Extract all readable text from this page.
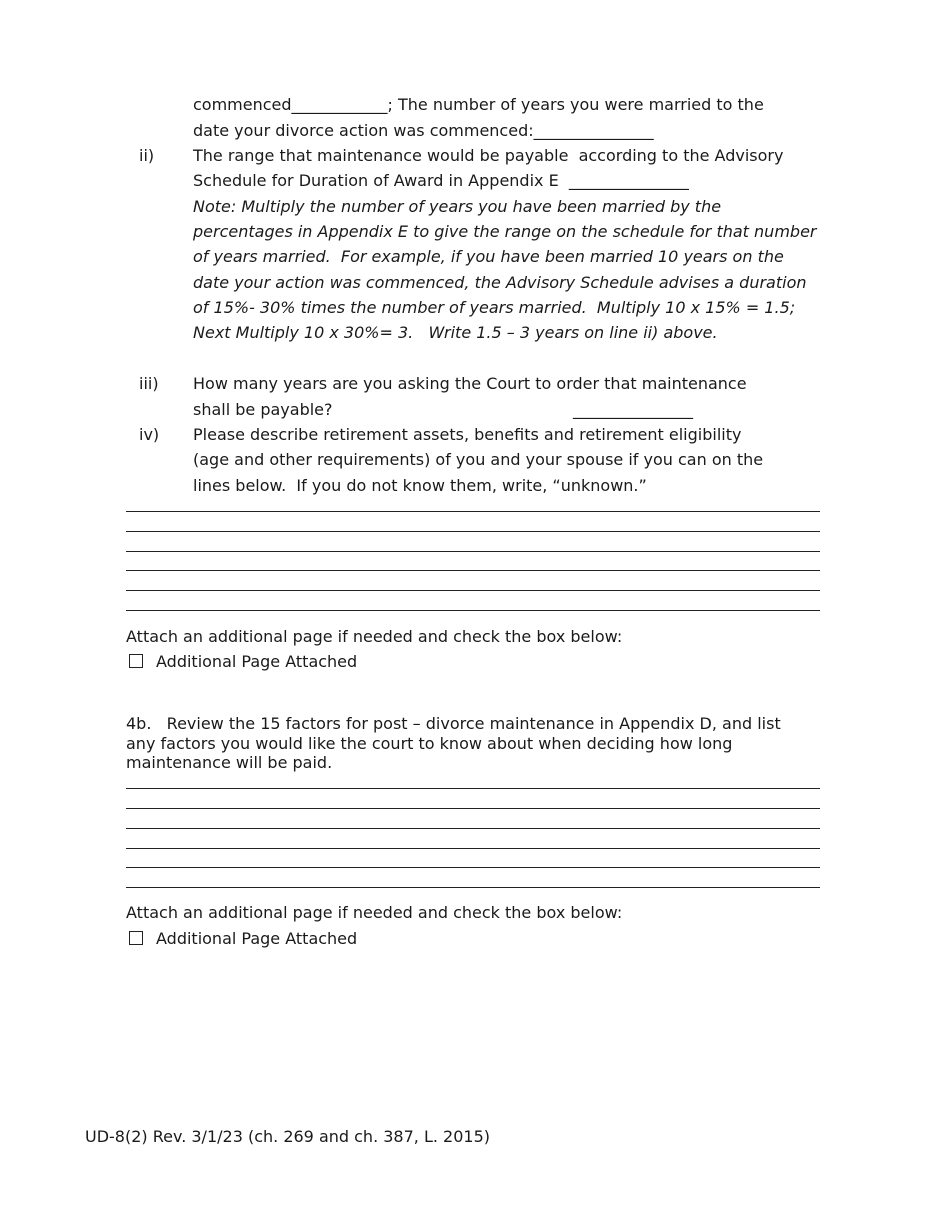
commenced____________; The number of years you were married to the
date your divorce action was commenced:_______________
ii) The range that maintenance would be payable  according to the Advisory
Schedule for Duration of Award in Appendix E  _______________
Note: Multiply the number of years you have been married by the
percentages in Appendix E to give the range on the schedule for that number
of years married.  For example, if you have been married 10 years on the
date your action was commenced, the Advisory Schedule advises a duration
of 15%- 30% times the number of years married.  Multiply 10 x 15% = 1.5;
Next Multiply 10 x 30%= 3.   Write 1.5 – 3 years on line ii) above.
iii) How many years are you asking the Court to order that maintenance
shall be payable?	_______________
iv) Please describe retirement assets, benefits and retirement eligibility
(age and other requirements) of you and your spouse if you can on the
lines below.  If you do not know them, write, “unknown.”
Attach an additional page if needed and check the box below:
Additional Page Attached
4b.   Review the 15 factors for post – divorce maintenance in Appendix D, and list
any factors you would like the court to know about when deciding how long
maintenance will be paid.
Attach an additional page if needed and check the box below:
Additional Page Attached
UD-8(2) Rev. 3/1/23 (ch. 269 and ch. 387, L. 2015)
